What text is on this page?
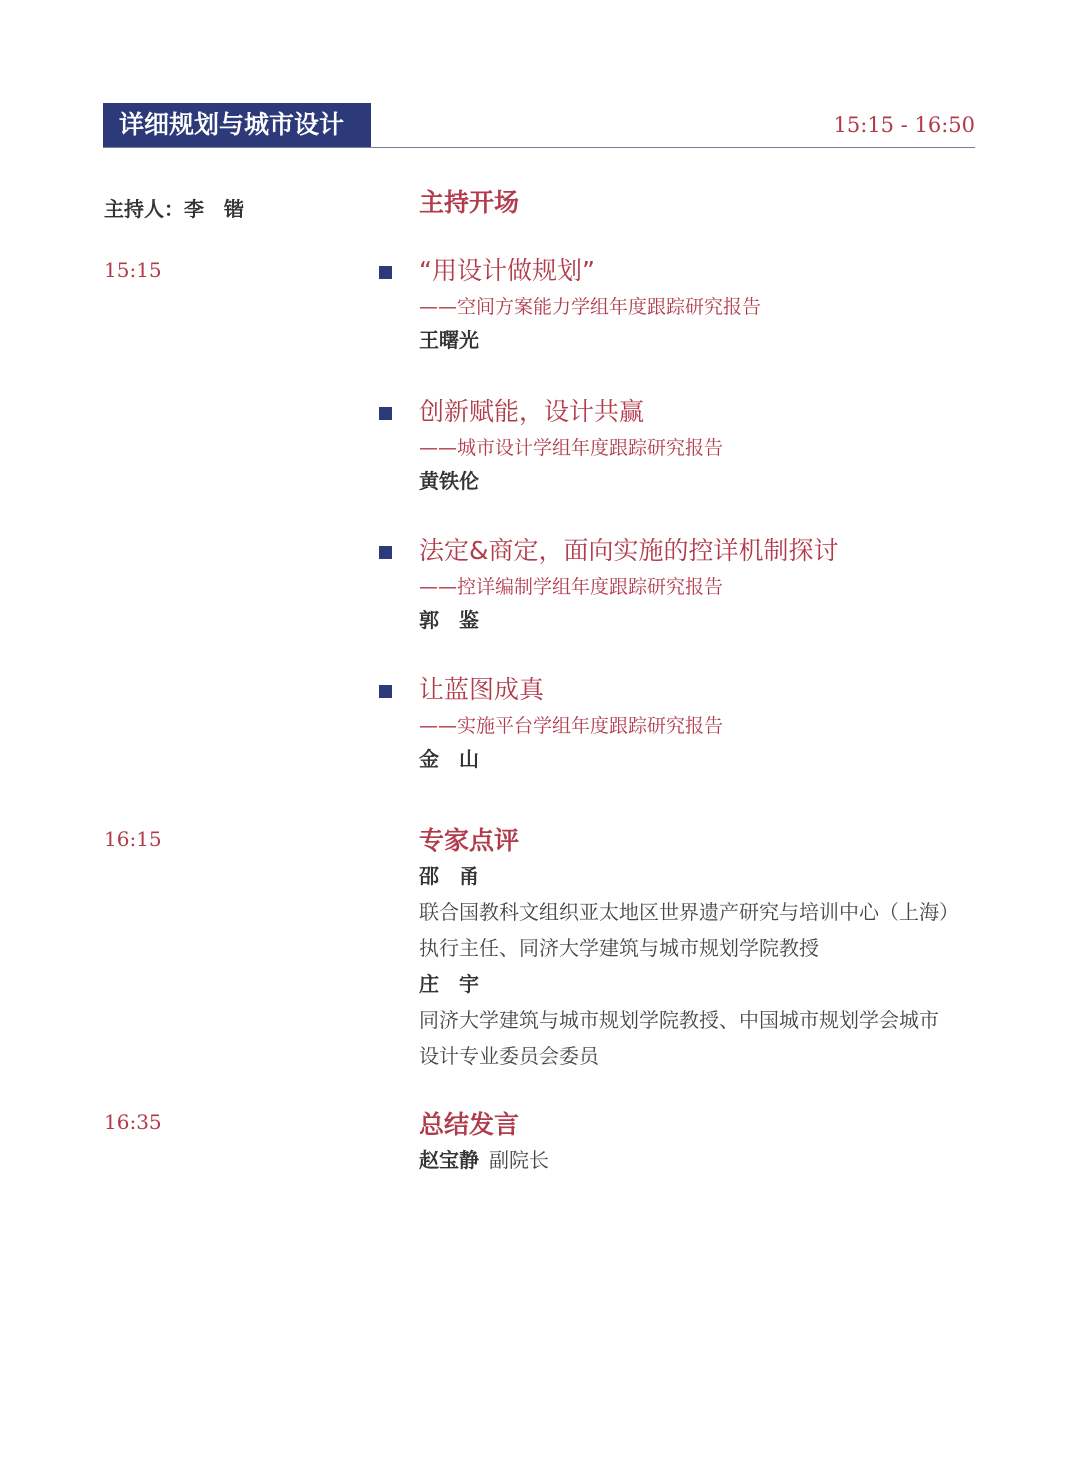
详细规划与城市设计	15:15 - 16:50
主持人：李　锴	主持开场
15:15	“用设计做规划”
——空间方案能力学组年度跟踪研究报告
王曙光
创新赋能，设计共赢
——城市设计学组年度跟踪研究报告
黄铁伦
法定&商定，面向实施的控详机制探讨
——控详编制学组年度跟踪研究报告
郭　鉴
让蓝图成真
——实施平台学组年度跟踪研究报告
金　山
16:15	专家点评
邵　甬
联合国教科文组织亚太地区世界遗产研究与培训中心（上海）
执行主任、同济大学建筑与城市规划学院教授
庄　宇
同济大学建筑与城市规划学院教授、中国城市规划学会城市
设计专业委员会委员
16:35	总结发言
赵宝静 副院长
